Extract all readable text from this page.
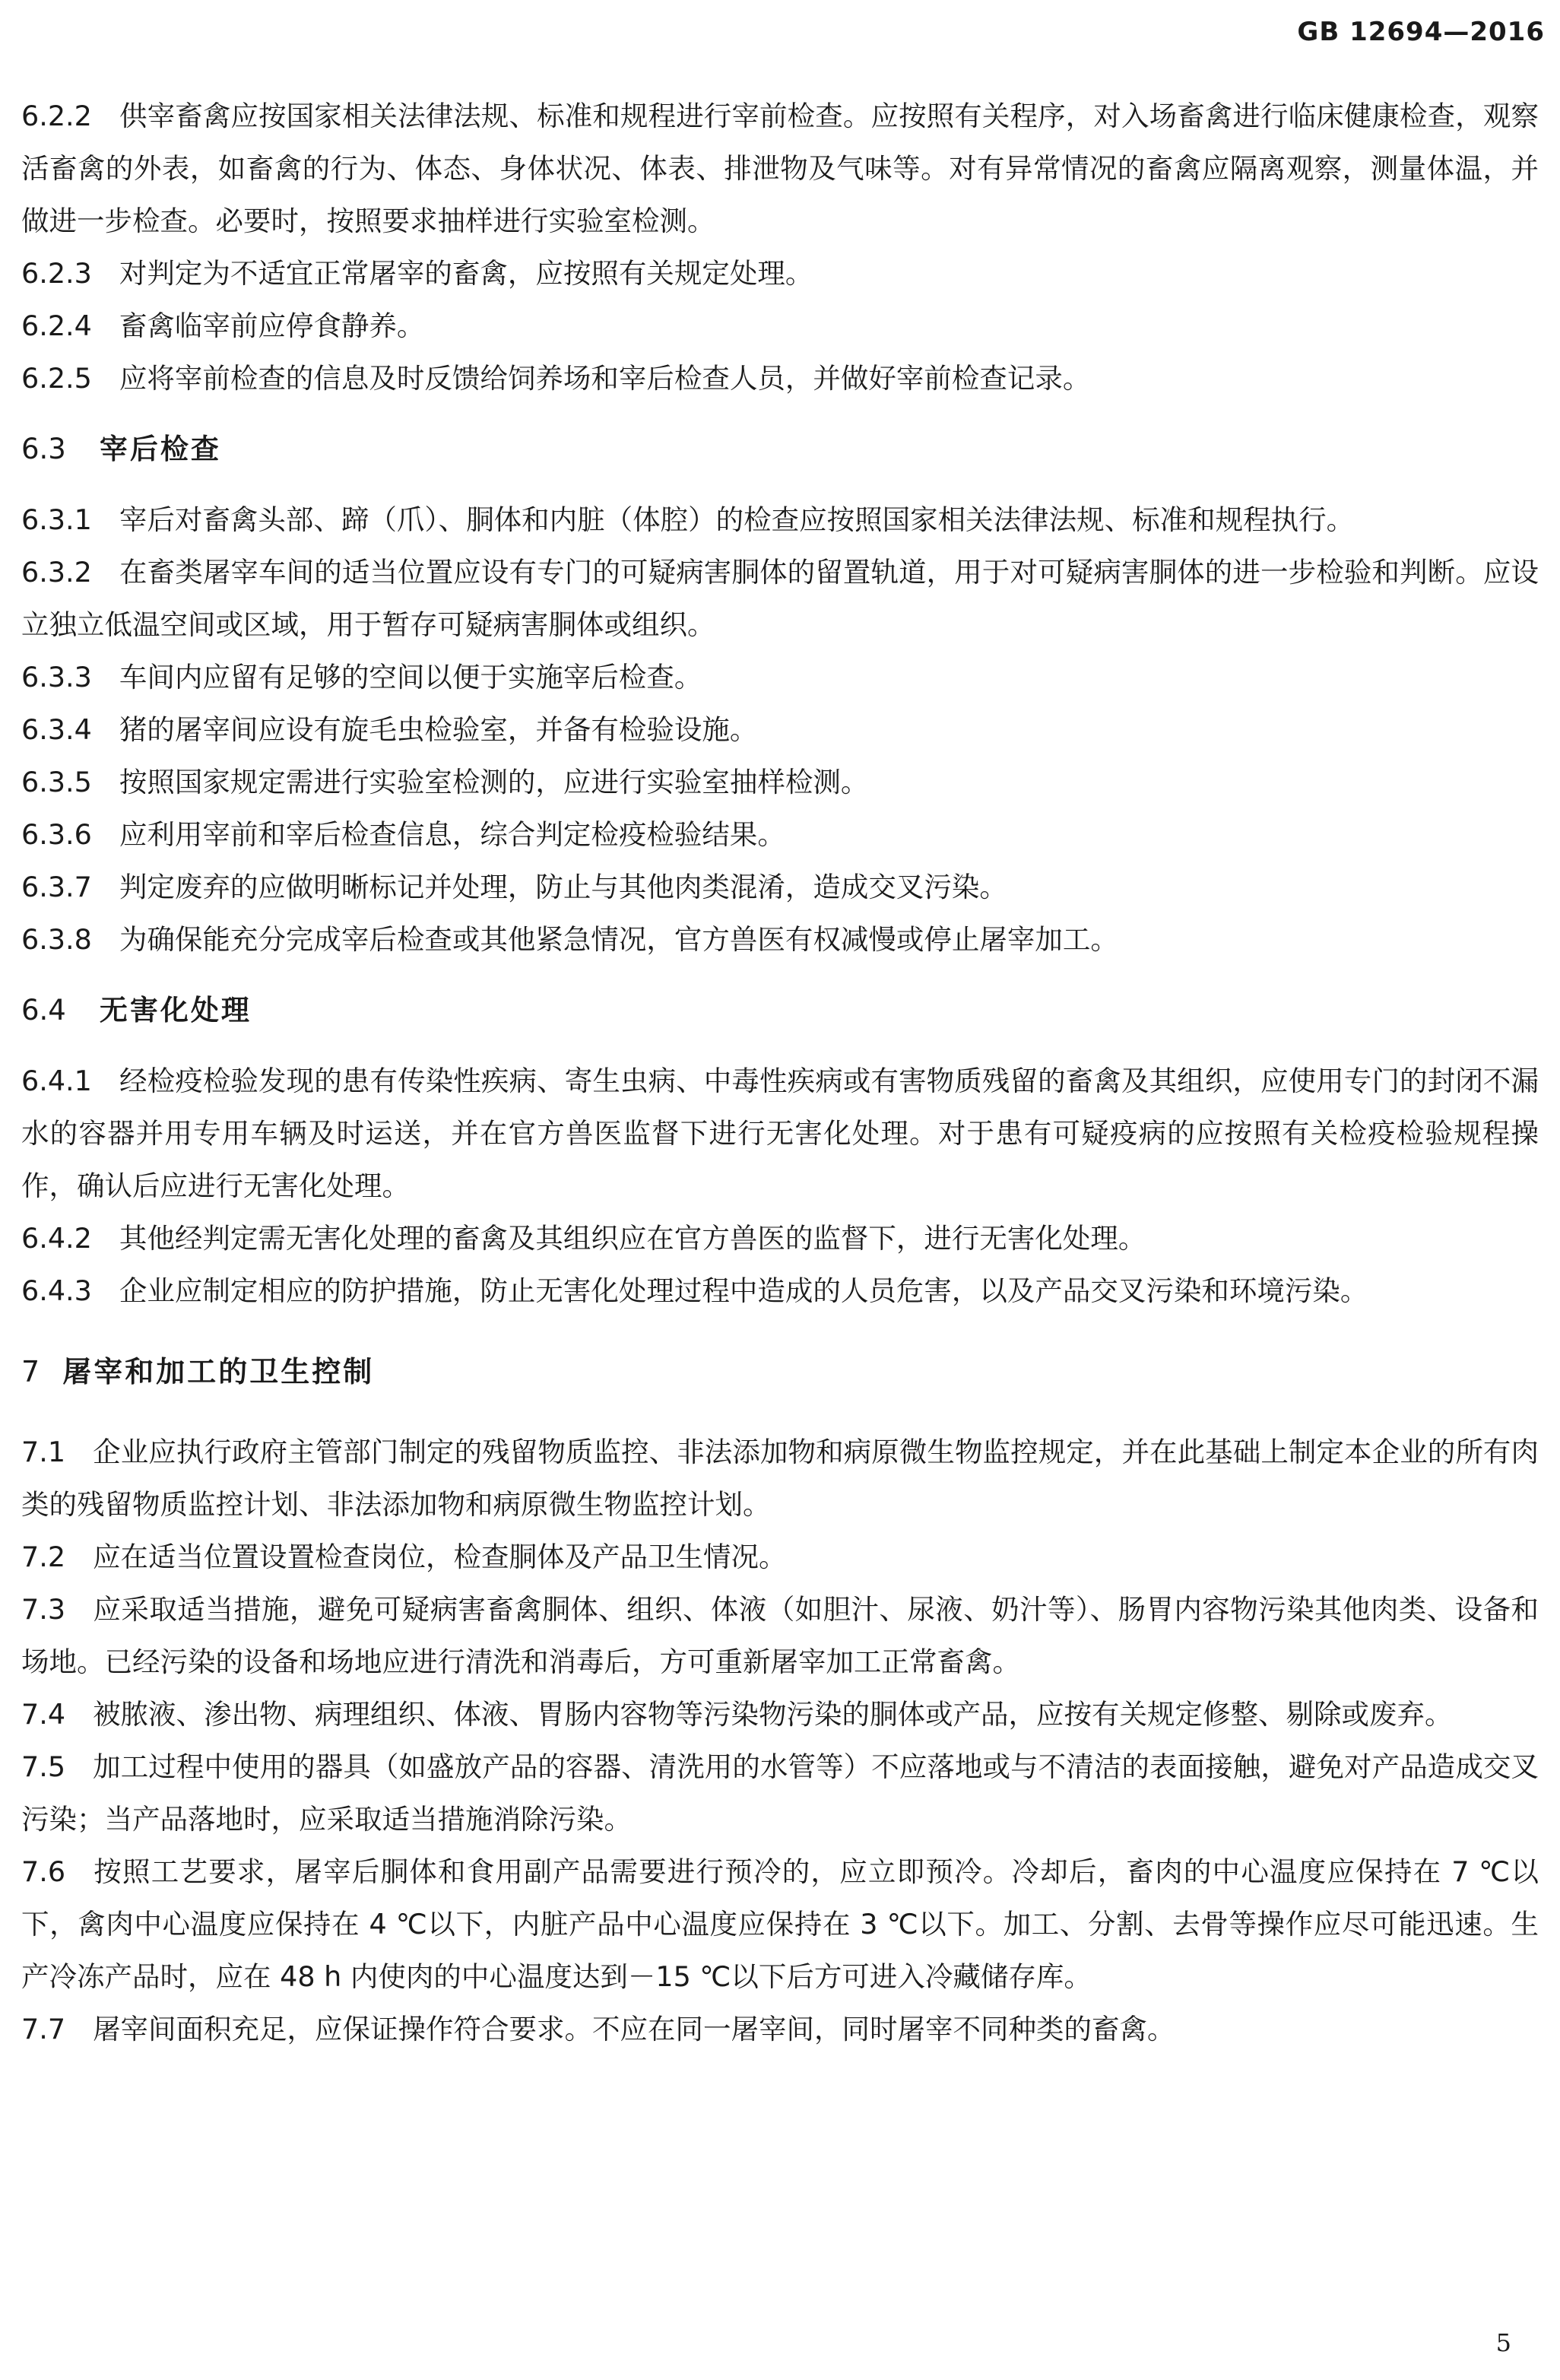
GB 12694—2016

6.2.2 供宰畜禽应按国家相关法律法规、标准和规程进行宰前检查。应按照有关程序，对入场畜禽进行临床健康检查，观察活畜禽的外表，如畜禽的行为、体态、身体状况、体表、排泄物及气味等。对有异常情况的畜禽应隔离观察，测量体温，并做进一步检查。必要时，按照要求抽样进行实验室检测。

6.2.3 对判定为不适宜正常屠宰的畜禽，应按照有关规定处理。

6.2.4 畜禽临宰前应停食静养。

6.2.5 应将宰前检查的信息及时反馈给饲养场和宰后检查人员，并做好宰前检查记录。

6.3 宰后检查

6.3.1 宰后对畜禽头部、蹄（爪）、胴体和内脏（体腔）的检查应按照国家相关法律法规、标准和规程执行。

6.3.2 在畜类屠宰车间的适当位置应设有专门的可疑病害胴体的留置轨道，用于对可疑病害胴体的进一步检验和判断。应设立独立低温空间或区域，用于暂存可疑病害胴体或组织。

6.3.3 车间内应留有足够的空间以便于实施宰后检查。

6.3.4 猪的屠宰间应设有旋毛虫检验室，并备有检验设施。

6.3.5 按照国家规定需进行实验室检测的，应进行实验室抽样检测。

6.3.6 应利用宰前和宰后检查信息，综合判定检疫检验结果。

6.3.7 判定废弃的应做明晰标记并处理，防止与其他肉类混淆，造成交叉污染。

6.3.8 为确保能充分完成宰后检查或其他紧急情况，官方兽医有权减慢或停止屠宰加工。

6.4 无害化处理

6.4.1 经检疫检验发现的患有传染性疾病、寄生虫病、中毒性疾病或有害物质残留的畜禽及其组织，应使用专门的封闭不漏水的容器并用专用车辆及时运送，并在官方兽医监督下进行无害化处理。对于患有可疑疫病的应按照有关检疫检验规程操作，确认后应进行无害化处理。

6.4.2 其他经判定需无害化处理的畜禽及其组织应在官方兽医的监督下，进行无害化处理。

6.4.3 企业应制定相应的防护措施，防止无害化处理过程中造成的人员危害，以及产品交叉污染和环境污染。

7 屠宰和加工的卫生控制

7.1 企业应执行政府主管部门制定的残留物质监控、非法添加物和病原微生物监控规定，并在此基础上制定本企业的所有肉类的残留物质监控计划、非法添加物和病原微生物监控计划。

7.2 应在适当位置设置检查岗位，检查胴体及产品卫生情况。

7.3 应采取适当措施，避免可疑病害畜禽胴体、组织、体液（如胆汁、尿液、奶汁等）、肠胃内容物污染其他肉类、设备和场地。已经污染的设备和场地应进行清洗和消毒后，方可重新屠宰加工正常畜禽。

7.4 被脓液、渗出物、病理组织、体液、胃肠内容物等污染物污染的胴体或产品，应按有关规定修整、剔除或废弃。

7.5 加工过程中使用的器具（如盛放产品的容器、清洗用的水管等）不应落地或与不清洁的表面接触，避免对产品造成交叉污染；当产品落地时，应采取适当措施消除污染。

7.6 按照工艺要求，屠宰后胴体和食用副产品需要进行预冷的，应立即预冷。冷却后，畜肉的中心温度应保持在 7 ℃以下，禽肉中心温度应保持在 4 ℃以下，内脏产品中心温度应保持在 3 ℃以下。加工、分割、去骨等操作应尽可能迅速。生产冷冻产品时，应在 48 h 内使肉的中心温度达到－15 ℃以下后方可进入冷藏储存库。

7.7 屠宰间面积充足，应保证操作符合要求。不应在同一屠宰间，同时屠宰不同种类的畜禽。

5
